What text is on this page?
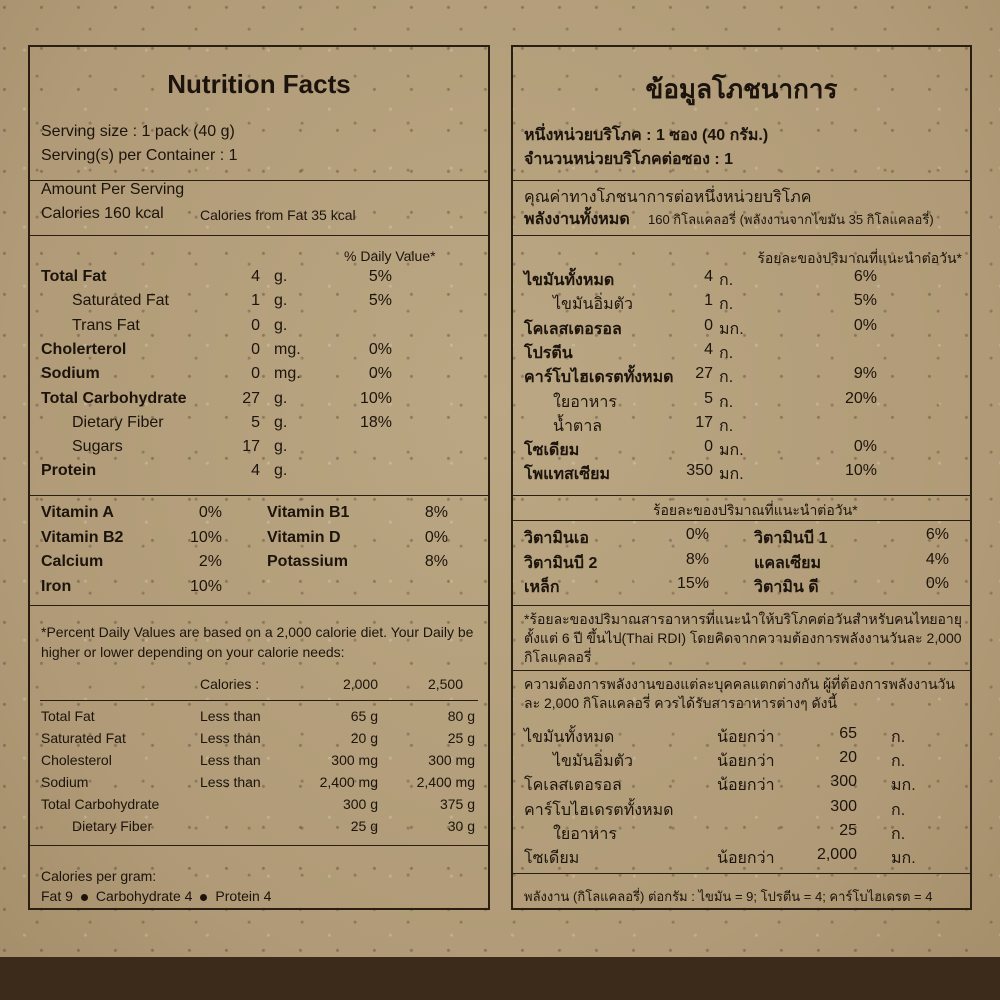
Nutrition Facts
Serving size : 1 pack (40 g)
Serving(s) per Container : 1
Amount Per Serving
Calories 160 kcal	Calories from Fat 35 kcal
% Daily Value*
Total Fat	4 g.	5%
Saturated Fat	1 g.	5%
Trans Fat	0 g.
Cholerterol	0 mg.	0%
Sodium	0 mg.	0%
Total Carbohydrate	27 g.	10%
Dietary Fiber	5 g.	18%
Sugars	17 g.
Protein	4 g.
Vitamin A	0%	Vitamin B1	8%
Vitamin B2	10%	Vitamin D	0%
Calcium	2%	Potassium	8%
Iron	10%
*Percent Daily Values are based on a 2,000 calorie diet. Your Daily be higher or lower depending on your calorie needs:
Calories :	2,000	2,500
Total Fat	Less than	65 g	80 g
Saturated Fat	Less than	20 g	25 g
Cholesterol	Less than	300 mg	300 mg
Sodium	Less than	2,400 mg	2,400 mg
Total Carbohydrate	300 g	375 g
Dietary Fiber	25 g	30 g
Calories per gram:
Fat 9 Carbohydrate 4 Protein 4
ข้อมูลโภชนาการ
หนึ่งหน่วยบริโภค : 1 ซอง (40 กรัม.)
จำนวนหน่วยบริโภคต่อซอง : 1
คุณค่าทางโภชนาการต่อหนึ่งหน่วยบริโภค
พลังงานทั้งหมด 160 กิโลแคลอรี่ (พลังงานจากไขมัน 35 กิโลแคลอรี่)
ร้อยละของปริมาณที่แนะนำต่อวัน*
ไขมันทั้งหมด	4 ก.	6%
ไขมันอิ่มตัว	1 ก.	5%
โคเลสเตอรอล	0 มก.	0%
โปรตีน	4 ก.
คาร์โบไฮเดรตทั้งหมด	27 ก.	9%
ใยอาหาร	5 ก.	20%
น้ำตาล	17 ก.
โซเดียม	0 มก.	0%
โพแทสเซียม	350 มก.	10%
ร้อยละของปริมาณที่แนะนำต่อวัน*
วิตามินเอ	0%	วิตามินบี 1	6%
วิตามินบี 2	8%	แคลเซียม	4%
เหล็ก	15%	วิตามิน ดี	0%
*ร้อยละของปริมาณสารอาหารที่แนะนำให้บริโภคต่อวันสำหรับคนไทยอายุตั้งแต่ 6 ปี ขึ้นไป(Thai RDI) โดยคิดจากความต้องการพลังงานวันละ 2,000 กิโลแคลอรี่
ความต้องการพลังงานของแต่ละบุคคลแตกต่างกัน ผู้ที่ต้องการพลังงานวันละ 2,000 กิโลแคลอรี่ ควรได้รับสารอาหารต่างๆ ดังนี้
ไขมันทั้งหมด	น้อยกว่า	65 ก.
ไขมันอิ่มตัว	น้อยกว่า	20 ก.
โคเลสเตอรอล	น้อยกว่า	300 มก.
คาร์โบไฮเดรตทั้งหมด	300 ก.
ใยอาหาร	25 ก.
โซเดียม	น้อยกว่า	2,000 มก.
พลังงาน (กิโลแคลอรี่) ต่อกรัม : ไขมัน = 9; โปรตีน = 4; คาร์โบไฮเดรต = 4
